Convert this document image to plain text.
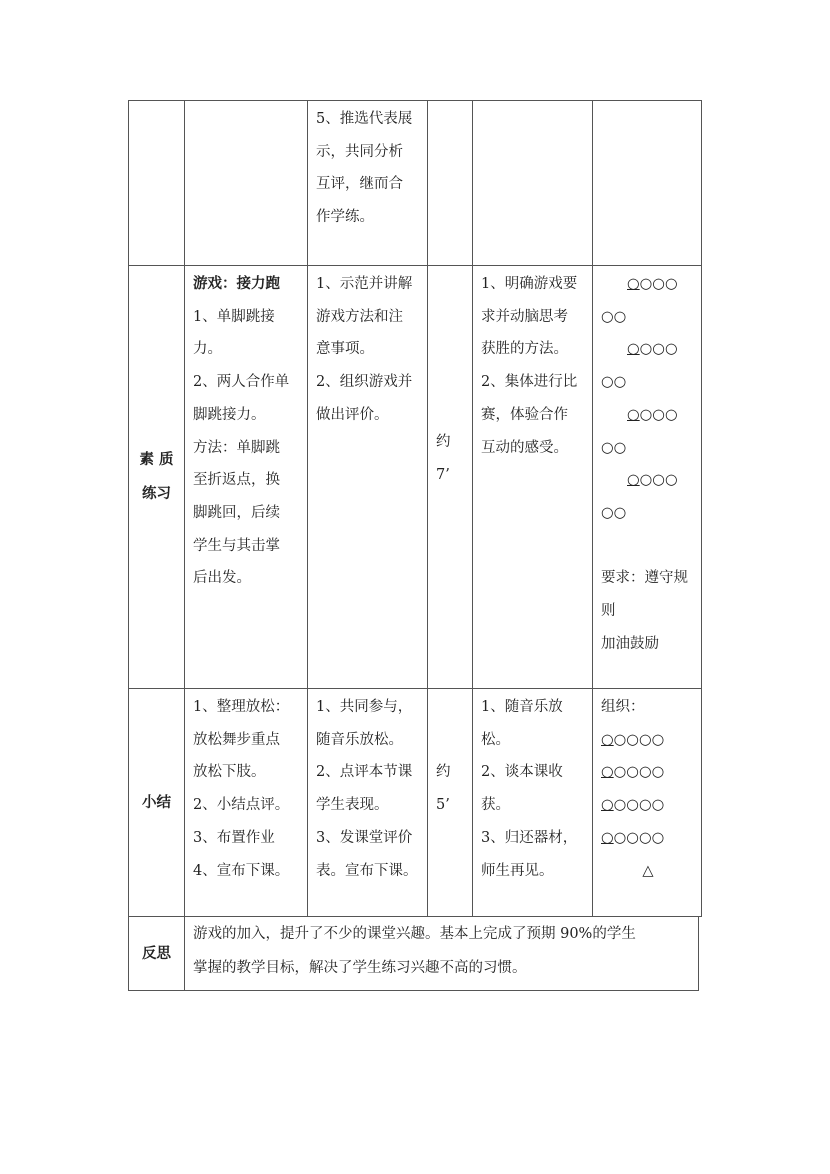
5、推选代表展
示，共同分析
互评，继而合
作学练。
素 质
练习
游戏：接力跑
1、单脚跳接
力。
2、两人合作单
脚跳接力。
方法：单脚跳
至折返点，换
脚跳回，后续
学生与其击掌
后出发。
1、示范并讲解
游戏方法和注
意事项。
2、组织游戏并
做出评价。
约
7’
1、明确游戏要
求并动脑思考
获胜的方法。
2、集体进行比
赛，体验合作
互动的感受。
○○○○
○○
○○○○
○○
○○○○
○○
○○○○
○○

要求：遵守规
则
加油鼓励
小结
1、整理放松：
放松舞步重点
放松下肢。
2、小结点评。
3、布置作业
4、宣布下课。
1、共同参与，
随音乐放松。
2、点评本节课
学生表现。
3、发课堂评价
表。宣布下课。
约
5’
1、随音乐放
松。
2、谈本课收
获。
3、归还器材，
师生再见。
组织：
○○○○○
○○○○○
○○○○○
○○○○○
△
反思
游戏的加入，提升了不少的课堂兴趣。基本上完成了预期 90%的学生
掌握的教学目标，解决了学生练习兴趣不高的习惯。
